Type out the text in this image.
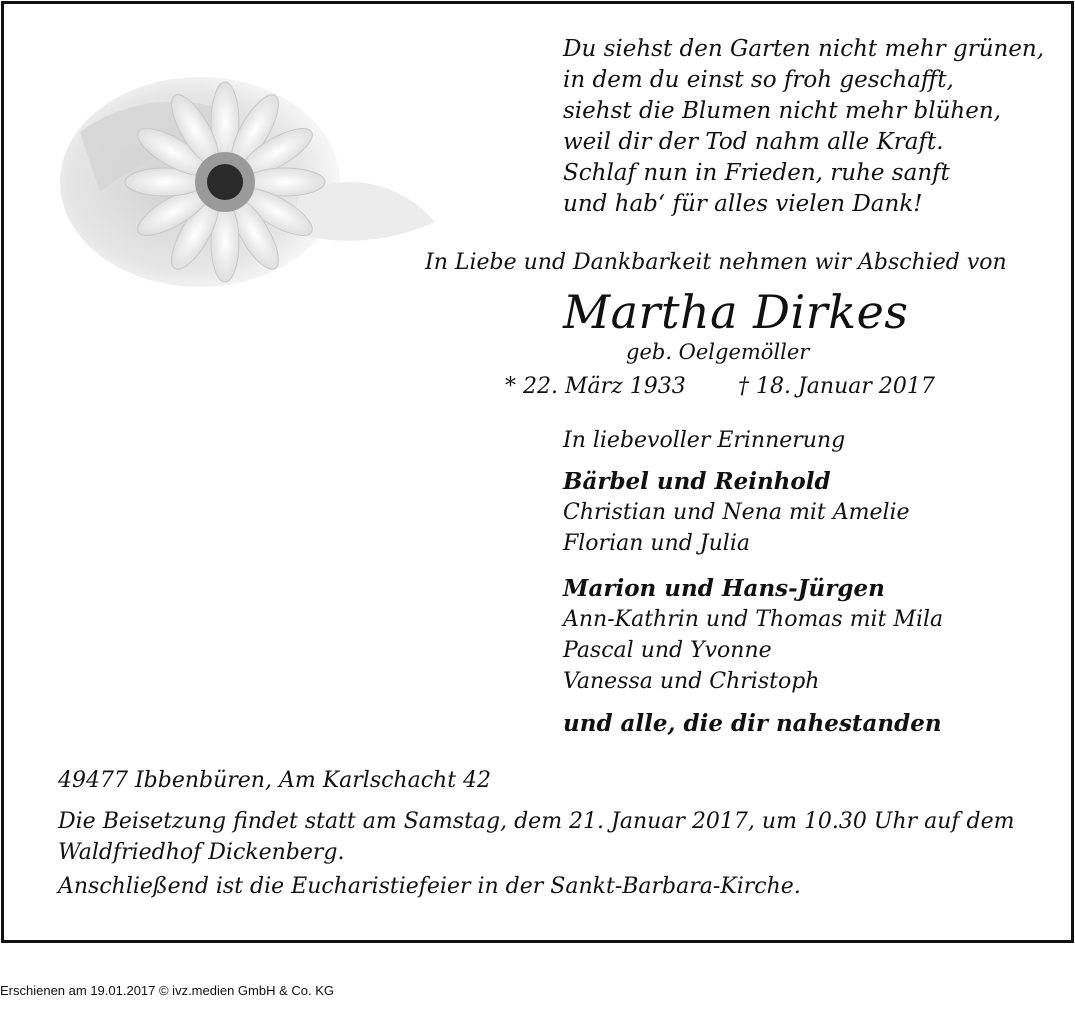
Du siehst den Garten nicht mehr grünen,
in dem du einst so froh geschafft,
siehst die Blumen nicht mehr blühen,
weil dir der Tod nahm alle Kraft.
Schlaf nun in Frieden, ruhe sanft
und hab‘ für alles vielen Dank!
In Liebe und Dankbarkeit nehmen wir Abschied von
Martha Dirkes
geb. Oelgemöller
* 22. März 1933 † 18. Januar 2017
In liebevoller Erinnerung
Bärbel und Reinhold
Christian und Nena mit Amelie
Florian und Julia
Marion und Hans-Jürgen
Ann-Kathrin und Thomas mit Mila
Pascal und Yvonne
Vanessa und Christoph
und alle, die dir nahestanden
49477 Ibbenbüren, Am Karlschacht 42
Die Beisetzung findet statt am Samstag, dem 21. Januar 2017, um 10.30 Uhr auf dem Waldfriedhof Dickenberg.
Anschließend ist die Eucharistiefeier in der Sankt-Barbara-Kirche.
Erschienen am 19.01.2017 © ivz.medien GmbH & Co. KG
